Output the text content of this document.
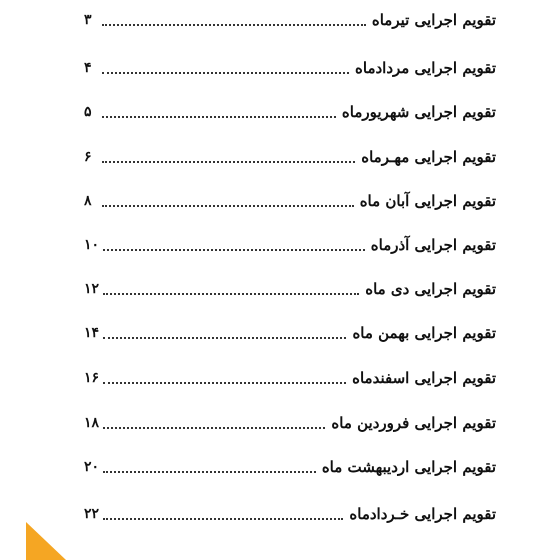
تقویم اجرایی تیرماه
۳
تقویم اجرایی مردادماه
۴
تقویم اجرایی شهریورماه
۵
تقویم اجرایی مهـرماه
۶
تقویم اجرایی آبان ماه
۸
تقویم اجرایی آذرماه
۱۰
تقویم اجرایی دی ماه
۱۲
تقویم اجرایی بهمن ماه
۱۴
تقویم اجرایی اسفندماه
۱۶
تقویم اجرایی فروردین ماه
۱۸
تقویم اجرایی اردیبهشت ماه
۲۰
تقویم اجرایی خـردادماه
۲۲
